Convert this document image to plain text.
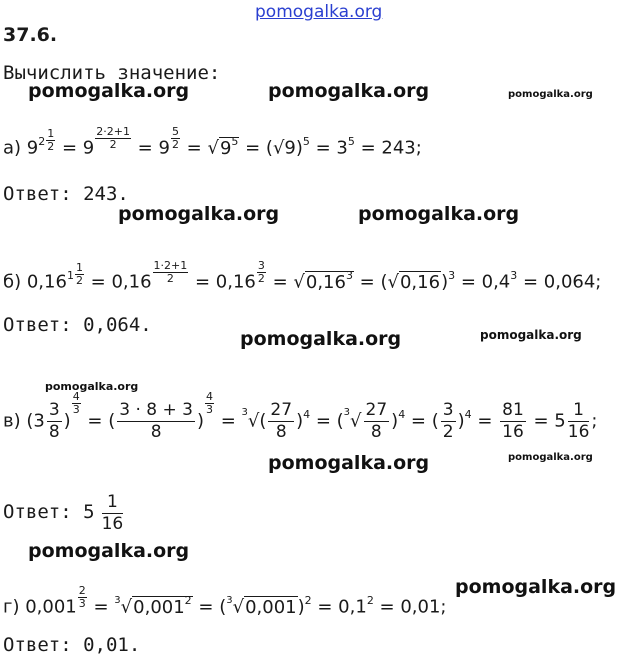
pomogalka.org
37.6.
Вычислить значение:
pomogalka.org	pomogalka.org	pomogalka.org
а) $9^2 \frac{1}{2} = 9 \frac{2\cdot 2+1}{2} = 9 \frac{5}{2} = √9^5 = (√9)^5 = 3^5 = 243$;
Ответ: 243.
pomogalka.org	pomogalka.org
б) $0,16^1 \frac{1}{2} = 0,16 \frac{1\cdot 2+1}{2} = 0,16 \frac{3}{2} = √0,16^3 = (√0,16)^3 = 0,4^3 = 0,064$;
Ответ: 0,064.
pomogalka.org	pomogalka.org
pomogalka.org
в) ($3 \frac{3}{8}$ )
$\frac{4}{3}$
= ( $\frac{3 \cdot 8 + 3}{8}$ )
$\frac{4}{3}$
= $^3√( \frac{27}{8} )^4 = (^3√ \frac{27}{8} )^4$ = ( $\frac{3}{2} )^4 = \frac{81}{16} = 5 \frac{1}{16}$ ;
pomogalka.org	pomogalka.org
Ответ: $5 \frac{1}{16}$
pomogalka.org
pomogalka.org
г) $0,001 \frac{2}{3} = ^3√0,001^2 = (^3√0,001)^2 = 0,1^2 = 0,01$;
Ответ: 0,01.
